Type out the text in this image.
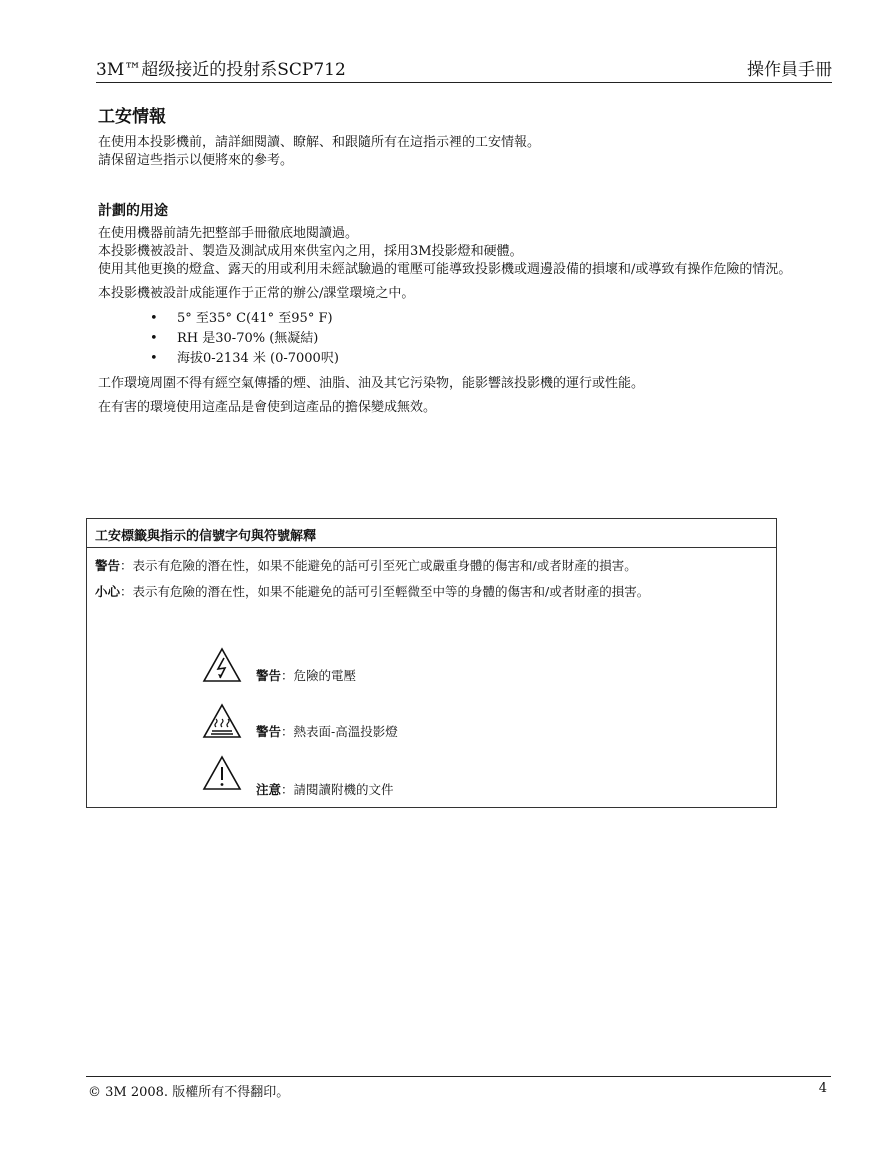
3M™超级接近的投射系SCP712	操作員手冊
工安情報

在使用本投影機前，請詳細閱讀、瞭解、和跟隨所有在這指示裡的工安情報。

請保留這些指示以便將來的參考。

計劃的用途

在使用機器前請先把整部手冊徹底地閱讀過。

本投影機被設計、製造及測試成用來供室內之用，採用3M投影燈和硬體。

使用其他更換的燈盒、露天的用或利用未經試驗過的電壓可能導致投影機或週邊設備的損壞和/或導致有操作危險的情況。

本投影機被設計成能運作于正常的辦公/課堂環境之中。

• 5° 至35° C(41° 至95° F)
• RH 是30-70% (無凝結)
• 海拔0-2134 米 (0-7000呎)

工作環境周圍不得有經空氣傳播的煙、油脂、油及其它污染物，能影響該投影機的運行或性能。

在有害的環境使用這產品是會使到這產品的擔保變成無效。

工安標籤與指示的信號字句與符號解釋
警告：表示有危險的潛在性，如果不能避免的話可引至死亡或嚴重身體的傷害和/或者財產的損害。
小心：表示有危險的潛在性，如果不能避免的話可引至輕微至中等的身體的傷害和/或者財產的損害。
警告：危險的電壓
警告：熱表面-高溫投影燈
注意：請閱讀附機的文件
© 3M 2008. 版權所有不得翻印。	4
